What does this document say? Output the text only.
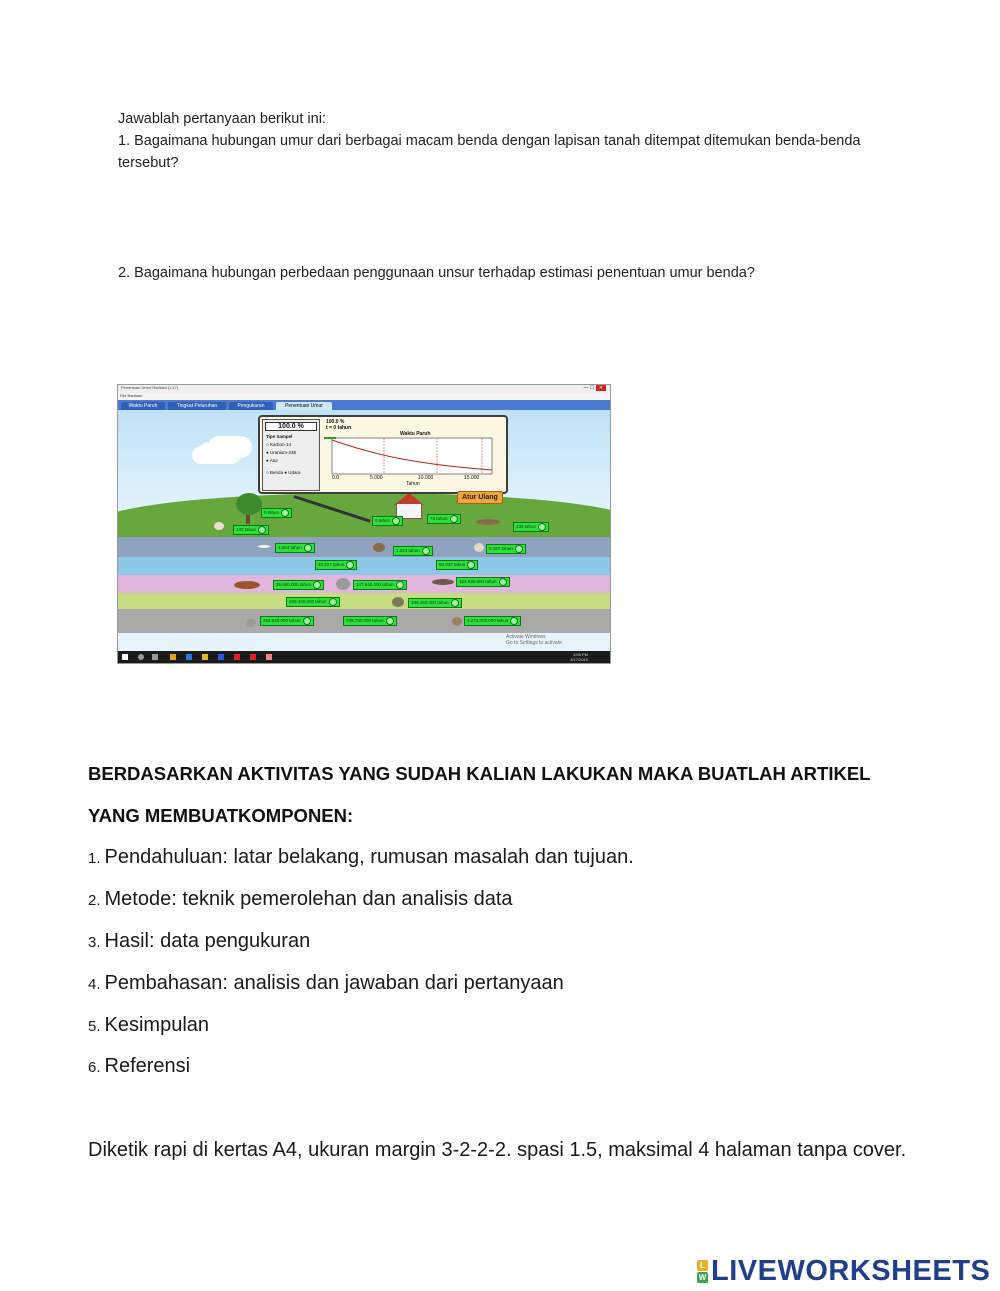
Jawablah pertanyaan berikut ini:
1. Bagaimana hubungan umur dari berbagai macam benda dengan lapisan tanah ditempat ditemukan benda-benda tersebut?
2. Bagaimana hubungan perbedaan penggunaan unsur terhadap estimasi penentuan umur benda?
Penentuan Umur Radiokil (1.17)	— ☐ ✕
File Bantuan
Waktu Paruh	Tingkat Peluruhan	Pengukuran	Penentuan Umur
0 tahun
140 tahun
0 tahun	73 tahun
235 tahun
1.564 tahun
1.023 tahun	5.187 tahun
40.227 tahun	50.037 tahun
35.600.000 tahun	147.840.000 tahun
154.530.000 tahun
280.420.000 tahun	386.450.000 tahun
458.840.000 tahun	708.750.000 tahun	1.273.000.000 tahun
100.0 %
Tipe Sampel
○ Karbon-14
● Uranium-238
● Atur
○ Benda ● Udara
100.0 %
t = 0 tahun
Waktu Paruh
0.0	5.000	10.000	15.000
Tahun
Atur Ulang
Activate Windows
Go to Settings to activate
3:55 PM
4/17/2019
BERDASARKAN AKTIVITAS YANG SUDAH KALIAN LAKUKAN MAKA BUATLAH ARTIKEL
YANG MEMBUATKOMPONEN:
1. Pendahuluan: latar belakang, rumusan masalah dan tujuan.
2. Metode: teknik pemerolehan dan analisis data
3. Hasil: data pengukuran
4. Pembahasan: analisis dan jawaban dari pertanyaan
5. Kesimpulan
6. Referensi
Diketik rapi di kertas A4, ukuran margin 3-2-2-2. spasi 1.5, maksimal 4 halaman tanpa cover.
L
W LIVEWORKSHEETS
